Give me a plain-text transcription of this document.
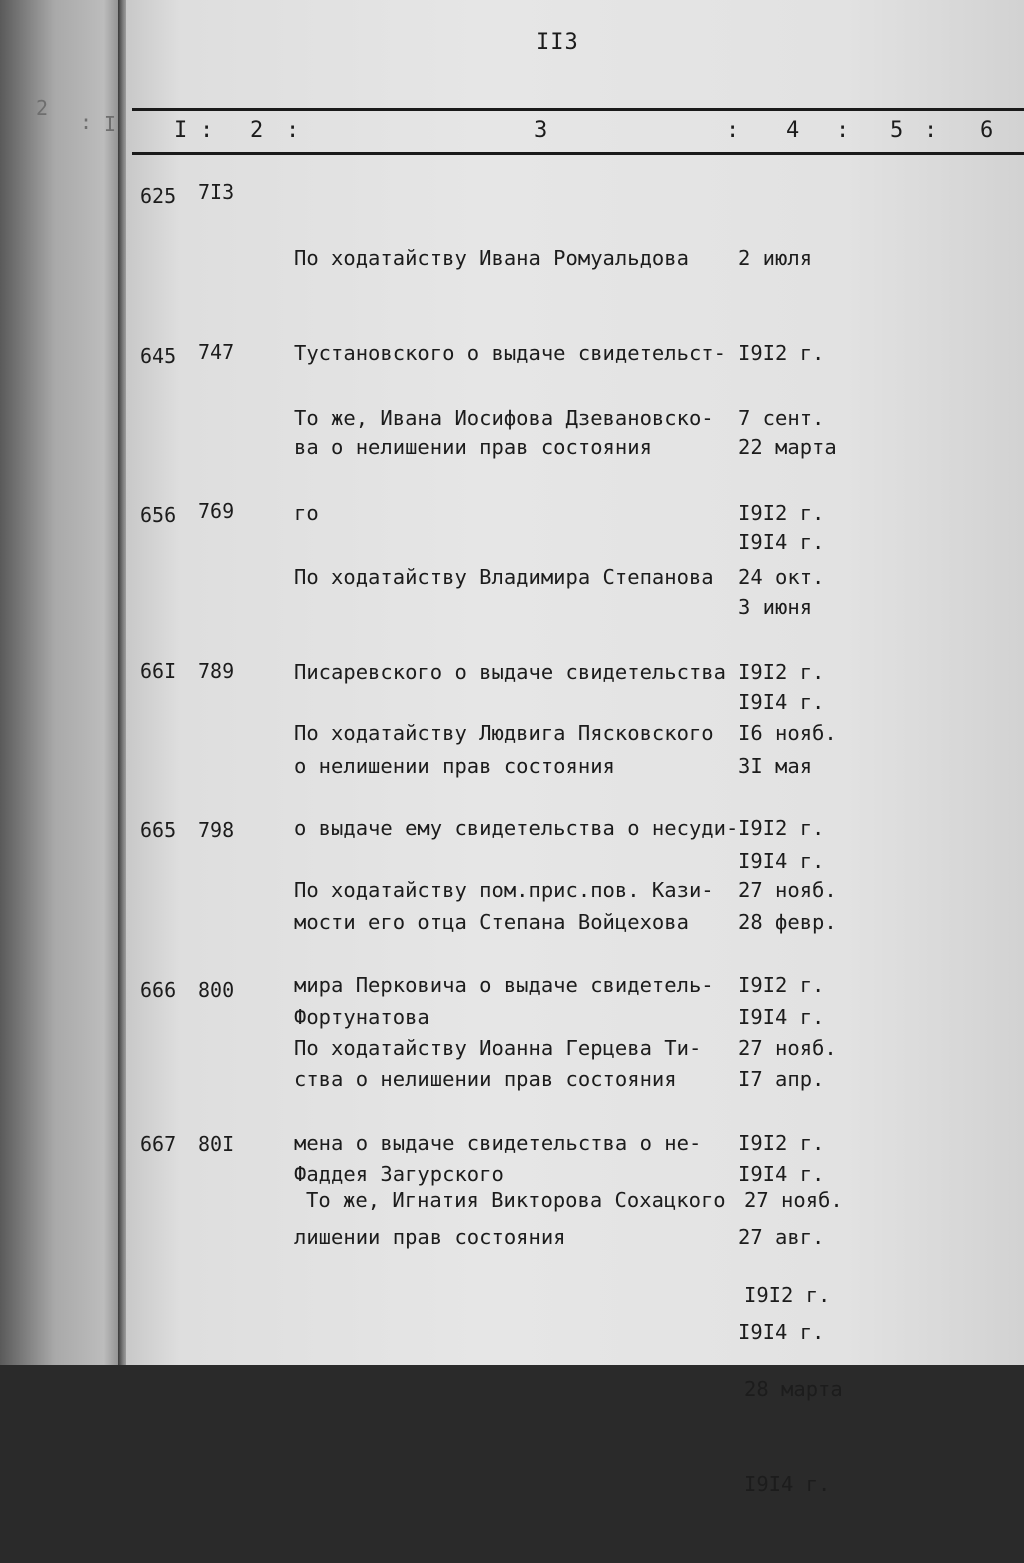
2
: I
II3
I : 2 :	3	: 4 : 5 : 6
625 7I3

По ходатайству Ивана Ромуальдова

Тустановского о выдаче свидетельст-

ва о нелишении прав состояния

2 июля

I9I2 г.

22 марта

I9I4 г.

645 747

То же, Ивана Иосифова Дзевановско-

го

7 сент.

I9I2 г.

3 июня

I9I4 г.

656 769

По ходатайству Владимира Степанова

Писаревского о выдаче свидетельства

о нелишении прав состояния

24 окт.

I9I2 г.

3I мая

I9I4 г.

66I 789

По ходатайству Людвига Пясковского

о выдаче ему свидетельства о несуди-

мости его отца Степана Войцехова

Фортунатова

I6 нояб.

I9I2 г.

28 февр.

I9I4 г.

665 798

По ходатайству пом.прис.пов. Кази-

мира Перковича о выдаче свидетель-

ства о нелишении прав состояния

Фаддея Загурского

27 нояб.

I9I2 г.

I7 апр.

I9I4 г.

666 800

По ходатайству Иоанна Герцева Ти-

мена о выдаче свидетельства о не-

лишении прав состояния

27 нояб.

I9I2 г.

27 авг.

I9I4 г.

667 80I

То же, Игнатия Викторова Сохацкого

27 нояб.

I9I2 г.

28 марта

I9I4 г.
